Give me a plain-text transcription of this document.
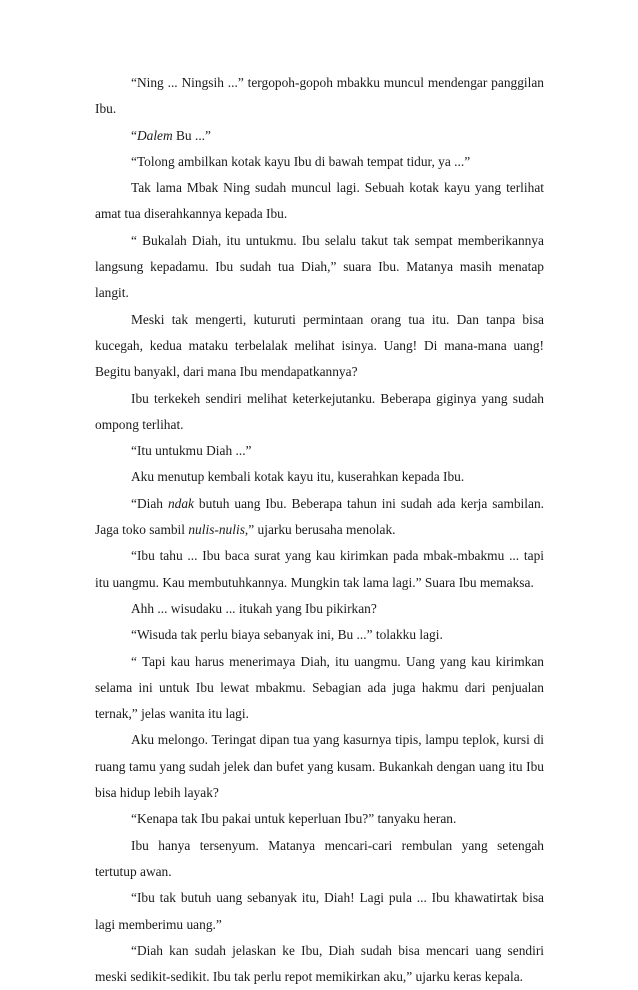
“Ning ... Ningsih ...” tergopoh-gopoh mbakku muncul mendengar panggilan Ibu.

“Dalem Bu ...”

“Tolong ambilkan kotak kayu Ibu di bawah tempat tidur, ya ...”

Tak lama Mbak Ning sudah muncul lagi. Sebuah kotak kayu yang terlihat amat tua diserahkannya kepada Ibu.

“ Bukalah Diah, itu untukmu. Ibu selalu takut tak sempat memberikannya langsung kepadamu. Ibu sudah tua Diah,” suara Ibu. Matanya masih menatap langit.

Meski tak mengerti, kuturuti permintaan orang tua itu. Dan tanpa bisa kucegah, kedua mataku terbelalak melihat isinya. Uang! Di mana-mana uang! Begitu banyakl, dari mana Ibu mendapatkannya?

Ibu terkekeh sendiri melihat keterkejutanku. Beberapa giginya yang sudah ompong terlihat.

“Itu untukmu Diah ...”

Aku menutup kembali kotak kayu itu, kuserahkan kepada Ibu.

“Diah ndak butuh uang Ibu. Beberapa tahun ini sudah ada kerja sambilan. Jaga toko sambil nulis-nulis,” ujarku berusaha menolak.

“Ibu tahu ... Ibu baca surat yang kau kirimkan pada mbak-mbakmu ... tapi itu uangmu. Kau membutuhkannya. Mungkin tak lama lagi.” Suara Ibu memaksa.

Ahh ... wisudaku ... itukah yang Ibu pikirkan?

“Wisuda tak perlu biaya sebanyak ini, Bu ...” tolakku lagi.

“ Tapi kau harus menerimaya Diah, itu uangmu. Uang yang kau kirimkan selama ini untuk Ibu lewat mbakmu. Sebagian ada juga hakmu dari penjualan ternak,” jelas wanita itu lagi.

Aku melongo. Teringat dipan tua yang kasurnya tipis, lampu teplok, kursi di ruang tamu yang sudah jelek dan bufet yang kusam. Bukankah dengan uang itu Ibu bisa hidup lebih layak?

“Kenapa tak Ibu pakai untuk keperluan Ibu?” tanyaku heran.

Ibu hanya tersenyum. Matanya mencari-cari rembulan yang setengah tertutup awan.

“Ibu tak butuh uang sebanyak itu, Diah! Lagi pula ... Ibu khawatirtak bisa lagi memberimu uang.”

“Diah kan sudah jelaskan ke Ibu, Diah sudah bisa mencari uang sendiri meski sedikit-sedikit. Ibu tak perlu repot memikirkan aku,” ujarku keras kepala.
